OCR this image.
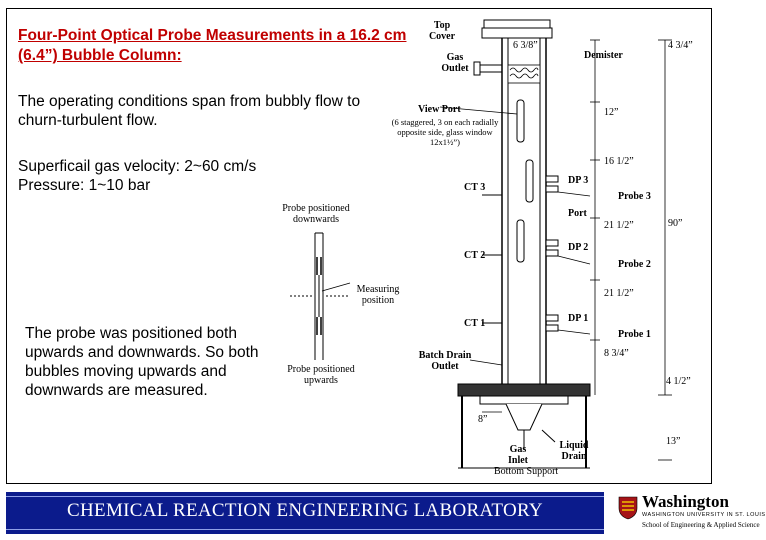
Four-Point Optical Probe Measurements in a 16.2 cm (6.4”) Bubble Column:

The operating conditions span from bubbly flow to churn-turbulent flow.

Superficail gas velocity: 2~60 cm/s

Pressure: 1~10 bar

The probe was positioned both upwards and downwards. So both bubbles moving upwards and downwards are measured.

Probe positioned downwards
Measuring position
Probe positioned upwards
Top Cover
Gas Outlet
6 3/8”
Demister
4 3/4”
View Port
(6 staggered, 3 on each radially opposite side, glass window 12x1½”)
12”
16 1/2”
CT 3
DP 3
Probe 3
Port
21 1/2”	90”
DP 2
CT 2
Probe 2
21 1/2”
DP 1
CT 1
Probe 1
8 3/4”
Batch Drain Outlet
4 1/2”
8”
13”
Gas Inlet
Liquid Drain
Bottom Support
CHEMICAL REACTION ENGINEERING LABORATORY	Washington
WASHINGTON UNIVERSITY IN ST. LOUIS
School of Engineering & Applied Science
